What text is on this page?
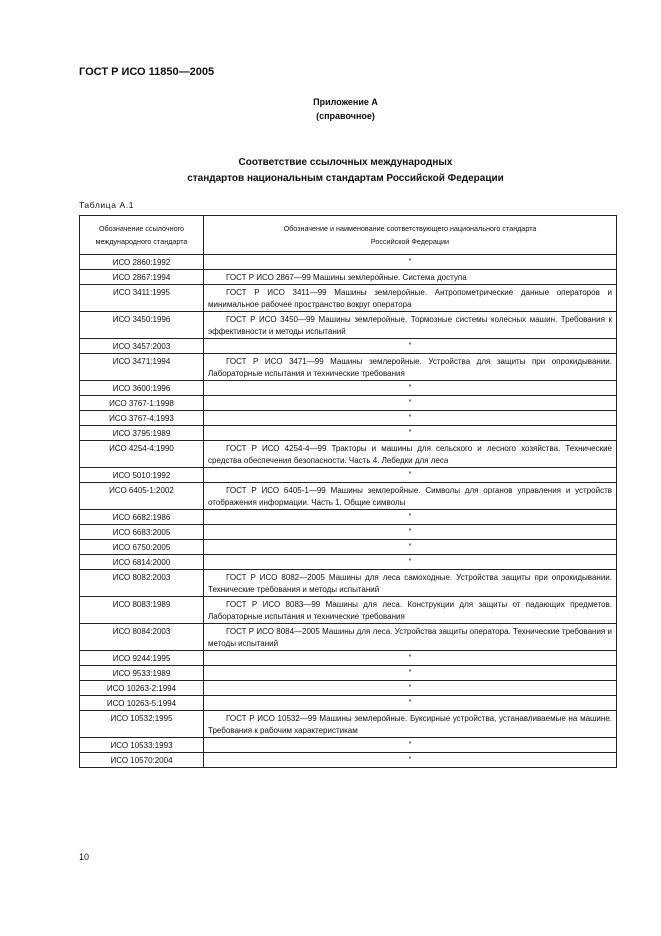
ГОСТ Р ИСО 11850—2005
Приложение А
(справочное)
Соответствие ссылочных международных
стандартов национальным стандартам Российской Федерации
Таблица А.1
Обозначение ссылочного
международного стандарта	Обозначение и наименование соответствующего национального стандарта
Российской Федерации
ИСО 2860:1992	*
ИСО 2867:1994	ГОСТ Р ИСО 2867—99 Машины землеройные. Система доступа
ИСО 3411:1995	ГОСТ Р ИСО 3411—99 Машины землеройные. Антропометрические данные операторов и минимальное рабочее пространство вокруг оператора
ИСО 3450:1996	ГОСТ Р ИСО 3450—99 Машины землеройные. Тормозные системы колесных машин. Требования к эффективности и методы испытаний
ИСО 3457:2003	*
ИСО 3471:1994	ГОСТ Р ИСО 3471—99 Машины землеройные. Устройства для защиты при опрокидывании. Лабораторные испытания и технические требования
ИСО 3600:1996	*
ИСО 3767-1:1998	*
ИСО 3767-4:1993	*
ИСО 3795:1989	*
ИСО 4254-4:1990	ГОСТ Р ИСО 4254-4—99 Тракторы и машины для сельского и лесного хозяйства. Технические средства обеспечения безопасности. Часть 4. Лебедки для леса
ИСО 5010:1992	*
ИСО 6405-1:2002	ГОСТ Р ИСО 6405-1—99 Машины землеройные. Символы для органов управления и устройств отображения информации. Часть 1. Общие символы
ИСО 6682:1986	*
ИСО 6683:2005	*
ИСО 6750:2005	*
ИСО 6814:2000	*
ИСО 8082:2003	ГОСТ Р ИСО 8082—2005 Машины для леса самоходные. Устройства защиты при опрокидывании. Технические требования и методы испытаний
ИСО 8083:1989	ГОСТ Р ИСО 8083—99 Машины для леса. Конструкции для защиты от падающих предметов. Лабораторные испытания и технические требования
ИСО 8084:2003	ГОСТ Р ИСО 8084—2005 Машины для леса. Устройства защиты оператора. Технические требования и методы испытаний
ИСО 9244:1995	*
ИСО 9533:1989	*
ИСО 10263-2:1994	*
ИСО 10263-5:1994	*
ИСО 10532:1995	ГОСТ Р ИСО 10532—99 Машины землеройные. Буксирные устройства, устанавливаемые на машине. Требования к рабочим характеристикам
ИСО 10533:1993	*
ИСО 10570:2004	*
10
